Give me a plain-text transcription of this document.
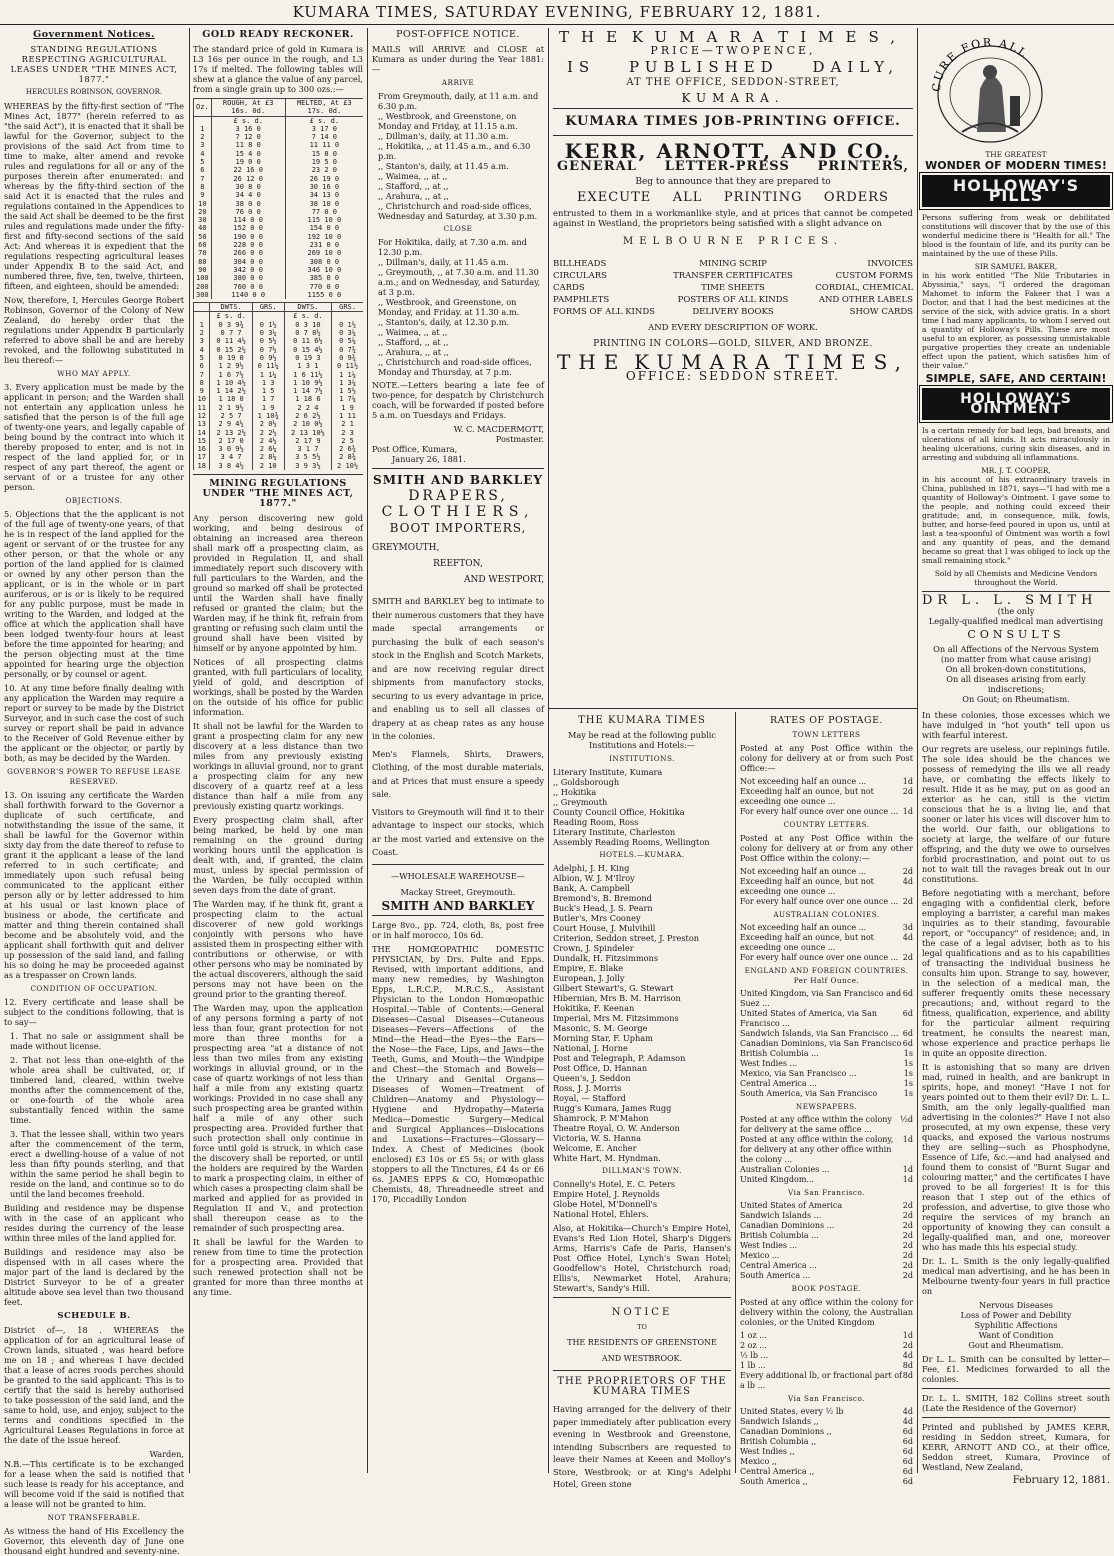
KUMARA TIMES, SATURDAY EVENING, FEBRUARY 12, 1881.
Government Notices.
STANDING REGULATIONS RESPECTING AGRICULTURAL LEASES UNDER "THE MINES ACT, 1877."
HERCULES ROBINSON, GOVERNOR.

WHEREAS by the fifty-first section of "The Mines Act, 1877" (herein referred to as "the said Act"), it is enacted that it shall be lawful for the Governor, subject to the provisions of the said Act from time to time to make, alter amend and revoke rules and regulations for all or any of the purposes therein after enumerated: and whereas by the fifty-third section of the said Act it is enacted that the rules and regulations contained in the Appendices to the said Act shall be deemed to be the first rules and regulations made under the fifty-first and fifty-second sections of the said Act: And whereas it is expedient that the regulations respecting agricultural leases under Appendix B to the said Act, and numbered three, five, ten, twelve, thirteen, fifteen, and eighteen, should be amended:

Now, therefore, I, Hercules George Robert Robinson, Governor of the Colony of New Zealand, do hereby order that the regulations under Appendix B particularly referred to above shall be and are hereby revoked, and the following substituted in lieu thereof:—

WHO MAY APPLY.

3. Every application must be made by the applicant in person; and the Warden shall not entertain any application unless he satisfied that the person is of the full age of twenty-one years, and legally capable of being bound by the contract into which it thereby proposed to enter, and is not in respect of the land applied for, or in respect of any part thereof, the agent or servant of or a trustee for any other person.

OBJECTIONS.

5. Objections that the the applicant is not of the full age of twenty-one years, of that he is in respect of the land applied for the agent or servant of or the trustee for any other person, or that the whole or any portion of the land applied for is claimed or owned by any other person than the applicant, or is in the whole or in part auriferous, or is or is likely to be required for any public purpose, must be made in writing to the Warden, and lodged at the office at which the application shall have been lodged twenty-four hours at least before the time appointed for hearing; and the person objecting must at the time appointed for hearing urge the objection personally, or by counsel or agent.

10. At any time before finally dealing with any application the Warden may require a report or survey to be made by the District Surveyor, and in such case the cost of such survey or report shall be paid in advance to the Receiver of Gold Revenue either by the applicant or the objector, or partly by both, as may be decided by the Warden.

GOVERNOR'S POWER TO REFUSE LEASE RESERVED.

13. On issuing any certificate the Warden shall forthwith forward to the Governor a duplicate of such certificate, and notwithstanding the issue of the same, it shall be lawful for the Governor within sixty day from the date thereof to refuse to grant it the applicant a lease of the land referred to in such certificate; and immediately upon such refusal being communicated to the applicant either person ally or by letter addressed to him at his usual or last known place of business or abode, the certificate and matter and thing therein contained shall become and be absolutely void, and the applicant shall forthwith quit and deliver up possession of the said land, and failing his so doing he may be proceeded against as a trespasser on Crown lands.

CONDITION OF OCCUPATION.

12. Every certificate and lease shall be subject to the conditions following, that is to say—

1. That no sale or assignment shall be made without license.

2. That not less than one-eighth of the whole area shall be cultivated, or, if timbered land, cleared, within twelve months after the commencement of the, or one-fourth of the whole area substantially fenced within the same time.

3. That the lessee shall, within two years after the commencement of the term, erect a dwelling-house of a value of not less than fifty pounds sterling, and that within the same period he shall begin to reside on the land, and continue so to do until the land becomes freehold.

Building and residence may be dispense with in the case of an applicant who resides during the currency of the lease within three miles of the land applied for.

Buildings and residence may also be dispensed with in all cases where the major part of the land is declared by the District Surveyor to be of a greater altitude above sea level than two thousand feet.

SCHEDULE B.

District of—, 18 . WHEREAS the application of for an agricultural lease of Crown lands, situated , was heard before me on 18 ; and whereas I have decided that a lease of acres roods perches should be granted to the said applicant: This is to certify that the said is hereby authorised to take possession of the said land, and the same to hold, use, and enjoy, subject to the terms and conditions specified in the Agricultural Leases Regulations in force at the date of the issue hereof.

Warden,

N.B.—This certificate is to be exchanged for a lease when the said is notified that such lease is ready for his acceptance, and will become void if the said is notified that a lease will not be granted to him.

NOT TRANSFERABLE.

As witness the hand of His Excellency the Governor, this eleventh day of June one thousand eight hundred and seventy-nine.

GOLD READY RECKONER.

The standard price of gold in Kumara is L3 16s per ounce in the rough, and L3 17s if melted. The following tables will shew at a glance the value of any parcel, from a single grain up to 300 ozs.:—

Oz.	ROUGH, At £3 16s. 0d.	MELTED, At £3 17s. 0d.
	£ s. d.	£ s. d.
1	3 16 0	3 17 0
2	7 12 0	7 14 0
3	11 8 0	11 11 0
4	15 4 0	15 8 0
5	19 0 0	19 5 0
6	22 16 0	23 2 0
7	26 12 0	26 19 0
8	30 8 0	30 16 0
9	34 4 0	34 13 0
10	38 0 0	38 10 0
20	76 0 0	77 0 0
30	114 0 0	115 10 0
40	152 0 0	154 0 0
50	190 0 0	192 10 0
60	228 0 0	231 0 0
70	266 0 0	269 10 0
80	304 0 0	308 0 0
90	342 0 0	346 10 0
100	380 0 0	385 0 0
200	760 0 0	770 0 0
300	1140 0 0	1155 0 0
	DWTS.	GRS.	DWTS.	GRS.
	£ s. d.		£ s. d.	
1	0 3 9¾	0 1½	0 3 10	0 1½
2	0 7 7	0 3¼	0 7 8½	0 3¼
3	0 11 4½	0 5½	0 11 6½	0 5¼
4	0 15 2½	0 7½	0 15 4½	0 7¾
5	0 19 0	0 9½	0 19 3	0 9¾
6	1 2 9½	0 11¼	1 3 1	0 11½
7	1 6 7½	1 1¼	1 6 11½	1 1¼
8	1 10 4½	1 3	1 10 9½	1 3¼
9	1 14 2½	1 5	1 14 7½	1 5½
10	1 18 0	1 7	1 18 6	1 7¼
11	2 1 9½	1 9	2 2 4	1 9
12	2 5 7	1 10¾	2 6 2½	1 11
13	2 9 4½	2 0½	2 10 0½	2 1
14	2 13 2½	2 2½	2 13 10½	2 3
15	2 17 0	2 4½	2 17 9	2 5
16	3 0 9½	2 6¼	3 1 7	2 6¾
17	3 4 7	2 8¼	3 5 5½	2 8¾
18	3 8 4½	2 10	3 9 3½	2 10½
MINING REGULATIONS UNDER "THE MINES ACT, 1877."

Any person discovering new gold working, and being desirous of obtaining an increased area thereon shall mark off a prospecting claim, as provided in Regulation II, and shall immediately report such discovery with full particulars to the Warden, and the ground so marked off shall be protected until the Warden shall have finally refused or granted the claim; but the Warden may, if he think fit, refrain from granting or refusing such claim until the ground shall have been visited by himself or by anyone appointed by him.

Notices of all prospecting claims granted, with full particulars of locality, yield of gold, and description of workings, shall be posted by the Warden on the outside of his office for public information.

It shall not be lawful for the Warden to grant a prospecting claim for any new discovery at a less distance than two miles from any previously existing workings in alluvial ground, nor to grant a prospecting claim for any new discovery of a quartz reef at a less distance than half a mile from any previously existing quartz workings.

Every prospecting claim shall, after being marked, be held by one man remaining on the ground during working hours until the application is dealt with, and, if granted, the claim must, unless by special permission of the Warden, be fully occupied within seven days from the date of grant.

The Warden may, if he think fit, grant a prospecting claim to the actual discoverer of new gold workings conjointly with persons who have assisted them in prospecting either with contributions or otherwise, or with other persons who may be nominated by the actual discoverers, although the said persons may not have been on the ground prior to the granting thereof.

The Warden may, upon the application of any persons forming a party of not less than four, grant protection for not more than three months for a prospecting area "at a distance of not less than two miles from any existing workings in alluvial ground, or in the case of quartz workings of not less than half a mile from any existing quartz workings: Provided in no case shall any such prospecting area be granted within half a mile of any other such prospecting area. Provided further that such protection shall only continue in force until gold is struck, in which case the discovery shall be reported, or until the holders are required by the Warden to mark a prospecting claim, in either of which cases a prospecting claim shall be marked and applied for as provided in Regulation II and V., and protection shall thereupon cease as to the remainder of such prospecting area.

It shall be lawful for the Warden to renew from time to time the protection for a prospecting area. Provided that such renewed protection shall not be granted for more than three months at any time.

POST-OFFICE NOTICE.

MAILS will ARRIVE and CLOSE at Kumara as under during the Year 1881:—

ARRIVE
From Greymouth, daily, at 11 a.m. and 6.30 p.m.
,, Westbrook, and Greenstone, on Monday and Friday, at 11.15 a.m.
,, Dillman's, daily, at 11.30 a.m.
,, Hokitika, ,, at 11.45 a.m., and 6.30 p.m.
,, Stanton's, daily, at 11.45 a.m.
,, Waimea, ,, at ,,
,, Stafford, ,, at ,,
,, Arahura, ,, at ,,
,, Christchurch and road-side offices, Wednesday and Saturday, at 3.30 p.m.
CLOSE
For Hokitika, daily, at 7.30 a.m. and 12.30 p.m.
,, Dillman's, daily, at 11.45 a.m.
,, Greymouth, ,, at 7.30 a.m. and 11.30 a.m.; and on Wednesday, and Saturday, at 3 p.m.
,, Westbrook, and Greenstone, on Monday, and Friday. at 11.30 a.m.
,, Stanton's, daily, at 12.30 p.m.
,, Waimea, ,, at ,,
,, Stafford, ,, at ,,
,, Arahura, ,, at ,,
,, Christchurch and road-side offices, Monday and Thursday, at 7 p.m.

NOTE.—Letters bearing a late fee of two-pence, for despatch by Christchurch coach, will be forwarded if posted before 5 a.m. on Tuesdays and Fridays.

W. C. MACDERMOTT,
Postmaster.
Post Office, Kumara,
January 26, 1881.
SMITH AND BARKLEY
DRAPERS,
CLOTHIERS,
BOOT IMPORTERS,
GREYMOUTH,
REEFTON,
AND WESTPORT,

SMITH and BARKLEY beg to intimate to their numerous customers that they have made special arrangements or purchasing the bulk of each season's stock in the English and Scotch Markets, and are now receiving regular direct shipments from manufactory stocks, securing to us every advantage in price, and enabling us to sell all classes of drapery at as cheap rates as any house in the colonies.

Men's Flannels, Shirts, Drawers, Clothing, of the most durable materials, and at Prices that must ensure a speedy sale.

Visitors to Greymouth will find it to their advantage to inspect our stocks, which ar the most varied and extensive on the Coast.

—WHOLESALE WAREHOUSE—
Mackay Street, Greymouth.
SMITH AND BARKLEY

Large 8vo., pp. 724, cloth, 8s, post free or in half morocco, 10s 6d.

THE HOMŒOPATHIC DOMESTIC PHYSICIAN, by Drs. Pulte and Epps. Revised, with important additions, and many new remedies, by Washington Epps, L.R.C.P., M.R.C.S., Assistant Physician to the London Homœopathic Hospital.—Table of Contents:—General Diseases—Casual Diseases—Cutaneous Diseases—Fevers—Affections of the Mind—the Head—the Eyes—the Ears—the Nose—the Face, Lips, and Jaws—the Teeth, Gums, and Mouth—the Windpipe and Chest—the Stomach and Bowels—the Urinary and Genital Organs—Diseases of Women—Treatment of Children—Anatomy and Physiology—Hygiene and Hydropathy—Materia Medica—Domestic Surgery—Medical and Surgical Appliances—Dislocations and Luxations—Fractures—Glossary—Index. A Chest of Medicines (book enclosed) £3 10s or £5 5s; or with glass stoppers to all the Tinctures, £4 4s or £6 6s. JAMES EPPS & CO, Homœopathic Chemists, 48, Threadneedle street and 170, Piccadilly London

THE KUMARA TIMES,
PRICE—TWOPENCE,
IS PUBLISHED DAILY,
AT THE OFFICE, SEDDON-STREET,
KUMARA.
KUMARA TIMES JOB-PRINTING OFFICE.
KERR, ARNOTT, AND CO.,
GENERAL LETTER-PRESS PRINTERS,
Beg to announce that they are prepared to
EXECUTE ALL PRINTING ORDERS

entrusted to them in a workmanlike style, and at prices that cannot be competed against in Westland, the proprietors being satisfied with a slight advance on

MELBOURNE PRICES.
BILLHEADS	MINING SCRIP	INVOICES
CIRCULARS	TRANSFER CERTIFICATES	CUSTOM FORMS
CARDS	TIME SHEETS	CORDIAL, CHEMICAL
PAMPHLETS	POSTERS OF ALL KINDS	AND OTHER LABELS
FORMS OF ALL KINDS	DELIVERY BOOKS	SHOW CARDS
AND EVERY DESCRIPTION OF WORK.
PRINTING IN COLORS—GOLD, SILVER, AND BRONZE.
THE KUMARA TIMES,
OFFICE: SEDDON STREET.
THE KUMARA TIMES
May be read at the following public Institutions and Hotels:—
INSTITUTIONS.
Literary Institute, Kumara
,, Goldsborough
,, Hokitika
,, Greymouth
County Council Office, Hokitika
Reading Room, Ross
Literary Institute, Charleston
Assembly Reading Rooms, Wellington
HOTELS.—KUMARA.
Adelphi, J. H. King
Albion, W. J. M'Ilroy
Bank, A. Campbell
Bremond's, B. Bremond
Buck's Head, J. S. Pearn
Butler's, Mrs Cooney
Court House, J. Mulvihill
Criterion, Seddon street, J. Preston
Crown, J. Spindeler
Dundalk, H. Fitzsimmons
Empire, E. Blake
European, J. Jolly
Gilbert Stewart's, G. Stewart
Hibernian, Mrs B. M. Harrison
Hokitika, F. Keenan
Imperial, Mrs M. Fitzsimmons
Masonic, S. M. George
Morning Star, F. Upham
National, J. Horne
Post and Telegraph, P. Adamson
Post Office, D. Hannan
Queen's, J. Seddon
Ross, J. J. Morris
Royal, — Stafford
Rugg's Kumara, James Rugg
Shamrock, P. M'Mahon
Theatre Royal, O. W. Anderson
Victoria, W. S. Hanna
Welcome, E. Ancher
White Hart, M. Hyndman.
DILLMAN'S TOWN.
Connelly's Hotel, E. C. Peters
Empire Hotel, J. Reynolds
Globe Hotel, M'Donnell's
National Hotel, Ehlers.

Also, at Hokitika—Church's Empire Hotel, Evans's Red Lion Hotel, Sharp's Diggers Arms, Harris's Cafe de Paris, Hansen's Post Office Hotel, Lynch's Swan Hotel; Goodfellow's Hotel, Christchurch road; Ellis's, Newmarket Hotel, Arahura; Stewart's, Sandy's Hill.

NOTICE
TO
THE RESIDENTS OF GREENSTONE
AND WESTBROOK.
THE PROPRIETORS OF THE KUMARA TIMES

Having arranged for the delivery of their paper immediately after publication every evening in Westbrook and Greenstone, intending Subscribers are requested to leave their Names at Keeen and Molloy's Store, Westbrook; or at King's Adelphi Hotel, Green stone

RATES OF POSTAGE.
TOWN LETTERS

Posted at any Post Office within the colony for delivery at or from such Post Office:—

Not exceeding half an ounce ...	1d
Exceeding half an ounce, but not exceeding one ounce ...
2d
For every half ounce over one ounce ... 1d
COUNTRY LETTERS.

Posted at any Post Office within the colony for delivery at or from any other Post Office within the colony:—

Not exceeding half an ounce ...	2d
Exceeding half an ounce, but not exceeding one ounce ...
4d
For every half ounce over one ounce ... 2d
AUSTRALIAN COLONIES.
Not exceeding half an ounce ...	3d
Exceeding half an ounce, but not exceeding one ounce ...
4d
For every half ounce over one ounce ... 2d
ENGLAND AND FOREIGN COUNTRIES. Per Half Ounce.
United Kingdom, via San Francisco and Suez ...
6d
United States of America, via San Francisco ...
6d
Sandwich Islands, via San Francisco ... 6d
Canadian Dominions, via San Francisco 6d
British Columbia ...	1s
West Indies ...	1s
Mexico, via San Francisco ...	1s
Central America ...	1s
South America, via San Francisco	1s
NEWSPAPERS.
Posted at any office within the colony for delivery at the same office ...
½d
Posted at any office within the colony, for delivery at any other office within the colony ...
1d
Australian Colonies ...	1d
United Kingdom...	1d
Via San Francisco.
United States of America	2d
Sandwich Islands ...	2d
Canadian Dominions ...	2d
British Columbia ...	2d
West Indies ...	2d
Mexico ...	2d
Central America ...	2d
South America ...	2d
BOOK POSTAGE.

Posted at any office within the colony for delivery within the colony, the Australian colonies, or the United Kingdom

1 oz ...	1d
2 oz ...	2d
½ lb ...	4d
1 lb ...	8d
Every additional lb, or fractional part of a lb ...
8d
Via San Francisco.
United States, every ½ lb	4d
Sandwich Islands ,,	4d
Canadian Dominions ,,	6d
British Columbia ,,	6d
West Indies ,,	6d
Mexico ,,	6d
Central America ,,	6d
South America ,,	6d
CURE FOR ALL
THE GREATEST
WONDER OF MODERN TIMES!
HOLLOWAY'S PILLS

Persons suffering from weak or debilitated constitutions will discover that by the use of this wonderful medicine there is "Health for all." The blood is the fountain of life, and its purity can be maintained by the use of these Pills.

SIR SAMUEL BAKER,

in his work entitled "The Nile Tributaries in Abyssinia," says, "I ordered the dragoman Mahomet to inform the Fakeer that I was a Doctor, and that I had the best medicines at the service of the sick, with advice gratis. In a short time I had many applicants, to whom I served out a quantity of Holloway's Pills. These are most useful to an explorer, as possessing unmistakable purgative properties they create an undeniable effect upon the patient, which satisfies him of their value."

SIMPLE, SAFE, AND CERTAIN!
HOLLOWAY'S OINTMENT

Is a certain remedy for bad legs, bad breasts, and ulcerations of all kinds. It acts miraculously in healing ulcerations, curing skin diseases, and in arresting and subduing all inflammations.

MR. J. T. COOPER,

in his account of his extraordinary travels in China, published in 1871, says—"I had with me a quantity of Holloway's Ointment. I gave some to the people, and nothing could exceed their gratitude; and, in consequence, milk, fowls, butter, and horse-feed poured in upon us, until at last a tea-spoonful of Ointment was worth a fowl and any quantity of peas, and the demand became so great that I was obliged to lock up the small remaining stock."

Sold by all Chemists and Medicine Vendors throughout the World.
DR L. L. SMITH
(the only
Legally-qualified medical man advertising
CONSULTS
On all Affections of the Nervous System
(no matter from what cause arising)
On all broken-down constitutions,
On all diseases arising from early indiscretions;
On Gout; on Rheumatism.

In these colonies, those excesses which we have indulged in "hot youth" tell upon us with fearful interest.

Our regrets are useless, our repinings futile. The sole idea should be the chances we possess of remedying the ills we all ready have, or combating the effects likely to result. Hide it as he may, put on as good an exterior as he can, still is the victim conscious that he is a living lie, and that sooner or later his vices will discover him to the world. Our faith, our obligations to society at large, the welfare of our future offspring, and the duty we owe to ourselves forbid procrastination, and point out to us not to wait till the ravages break out in our constitutions.

Before negotiating with a merchant, before engaging with a confidential clerk, before employing a barrister, a careful man makes inquiries as to their standing, favourable report, or "occupancy" of residence; and, in the case of a legal adviser, both as to his legal qualifications and as to his capabilities of transacting the individual business he consults him upon. Strange to say, however, in the selection of a medical man, the sufferer frequently omits these necessary precautions; and, without regard to the fitness, qualification, experience, and ability for the particular ailment requiring treatment, he consults the nearest man, whose experience and practice perhaps lie in quite an opposite direction.

It is astonishing that so many are driven mad, ruined in health, and are bankrupt in spirits, hope, and money! "Have I not for years pointed out to them their evil? Dr. L. L. Smith, am the only legally-qualified man advertising in the colonies?" Have I not also prosecuted, at my own expense, these very quacks, and exposed the various nostrums they are selling—such as Phosphodyne, Essence of Life, &c.—and had analysed and found them to consist of "Burnt Sugar and colouring matter," and the certificates I have proved to be all forgeries! It is for this reason that I step out of the ethics of profession, and advertise, to give those who require the services of my branch an opportunity of knowing they can consult a legally-qualified man, and one, moreover who has made this his especial study.

Dr. L. L. Smith is the only legally-qualified medical man advertising, and he has been in Melbourne twenty-four years in full practice on

Nervous Diseases
Loss of Power and Debility
Syphilitic Affections
Want of Condition
Gout and Rheumatism.

Dr L. L. Smith can be consulted by letter—Fee, £1. Medicines forwarded to all the colonies.

Dr. L. L. SMITH, 182 Collins street south (Late the Residence of the Governor)

Printed and published by JAMES KERR, residing in Seddon street, Kumara, for KERR, ARNOTT AND CO., at their office, Seddon street, Kumara, Province of Westland, New Zealand,

February 12, 1881.
